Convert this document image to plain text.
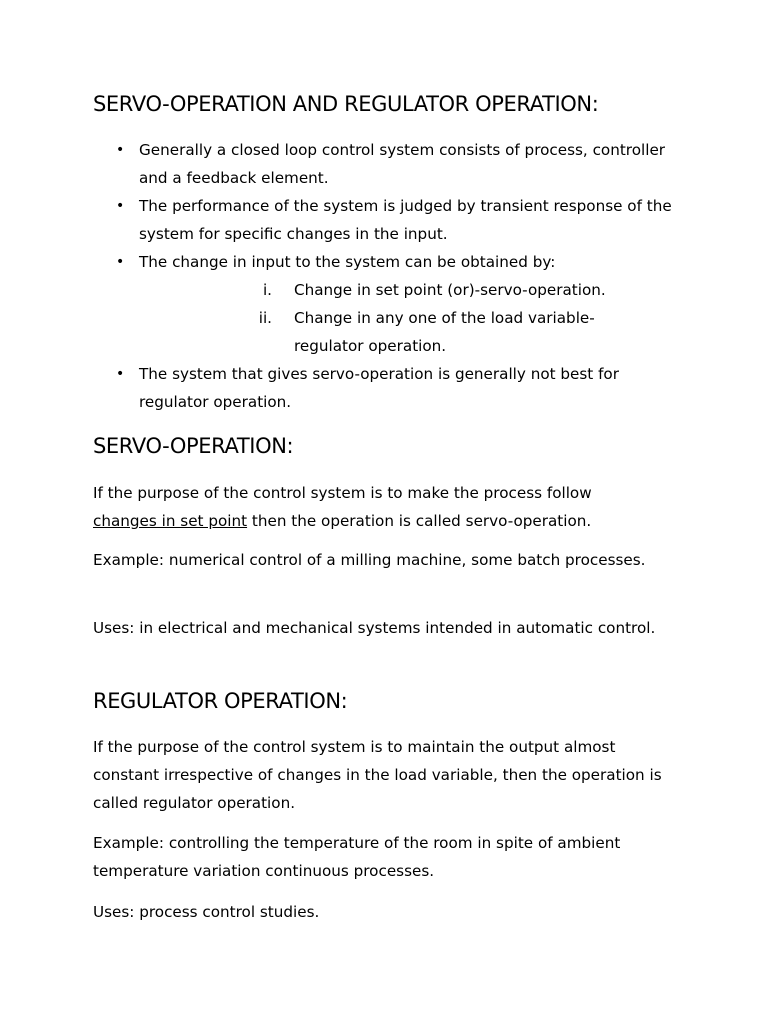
SERVO-OPERATION AND REGULATOR OPERATION:
• Generally a closed loop control system consists of process, controller and a feedback element.
• The performance of the system is judged by transient response of the system for specific changes in the input.
• The change in input to the system can be obtained by:
i. Change in set point (or)-servo-operation.
ii. Change in any one of the load variable-regulator operation.
• The system that gives servo-operation is generally not best for regulator operation.
SERVO-OPERATION:

If the purpose of the control system is to make the process follow
changes in set point then the operation is called servo-operation.

Example: numerical control of a milling machine, some batch processes.

Uses: in electrical and mechanical systems intended in automatic control.

REGULATOR OPERATION:

If the purpose of the control system is to maintain the output almost constant irrespective of changes in the load variable, then the operation is called regulator operation.

Example: controlling the temperature of the room in spite of ambient temperature variation continuous processes.

Uses: process control studies.
